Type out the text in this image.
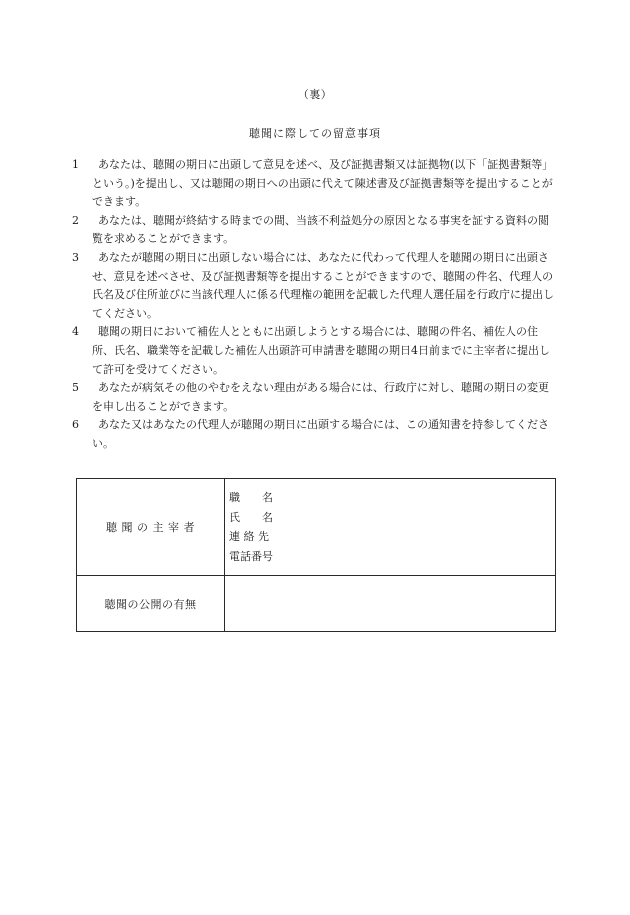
（裏）
聴聞に際しての留意事項
1	あなたは、聴聞の期日に出頭して意見を述べ、及び証拠書類又は証拠物(以下「証拠書類等」という。)を提出し、又は聴聞の期日への出頭に代えて陳述書及び証拠書類等を提出することができます。
2	あなたは、聴聞が終結する時までの間、当該不利益処分の原因となる事実を証する資料の閲覧を求めることができます。
3	あなたが聴聞の期日に出頭しない場合には、あなたに代わって代理人を聴聞の期日に出頭させ、意見を述べさせ、及び証拠書類等を提出することができますので、聴聞の件名、代理人の氏名及び住所並びに当該代理人に係る代理権の範囲を記載した代理人選任届を行政庁に提出してください。
4	聴聞の期日において補佐人とともに出頭しようとする場合には、聴聞の件名、補佐人の住所、氏名、職業等を記載した補佐人出頭許可申請書を聴聞の期日4日前までに主宰者に提出して許可を受けてください。
5	あなたが病気その他のやむをえない理由がある場合には、行政庁に対し、聴聞の期日の変更を申し出ることができます。
6	あなた又はあなたの代理人が聴聞の期日に出頭する場合には、この通知書を持参してください。
聴 聞 の 主 宰 者	職　　名
氏　　名
連 絡 先
電話番号

聴聞の公開の有無	
